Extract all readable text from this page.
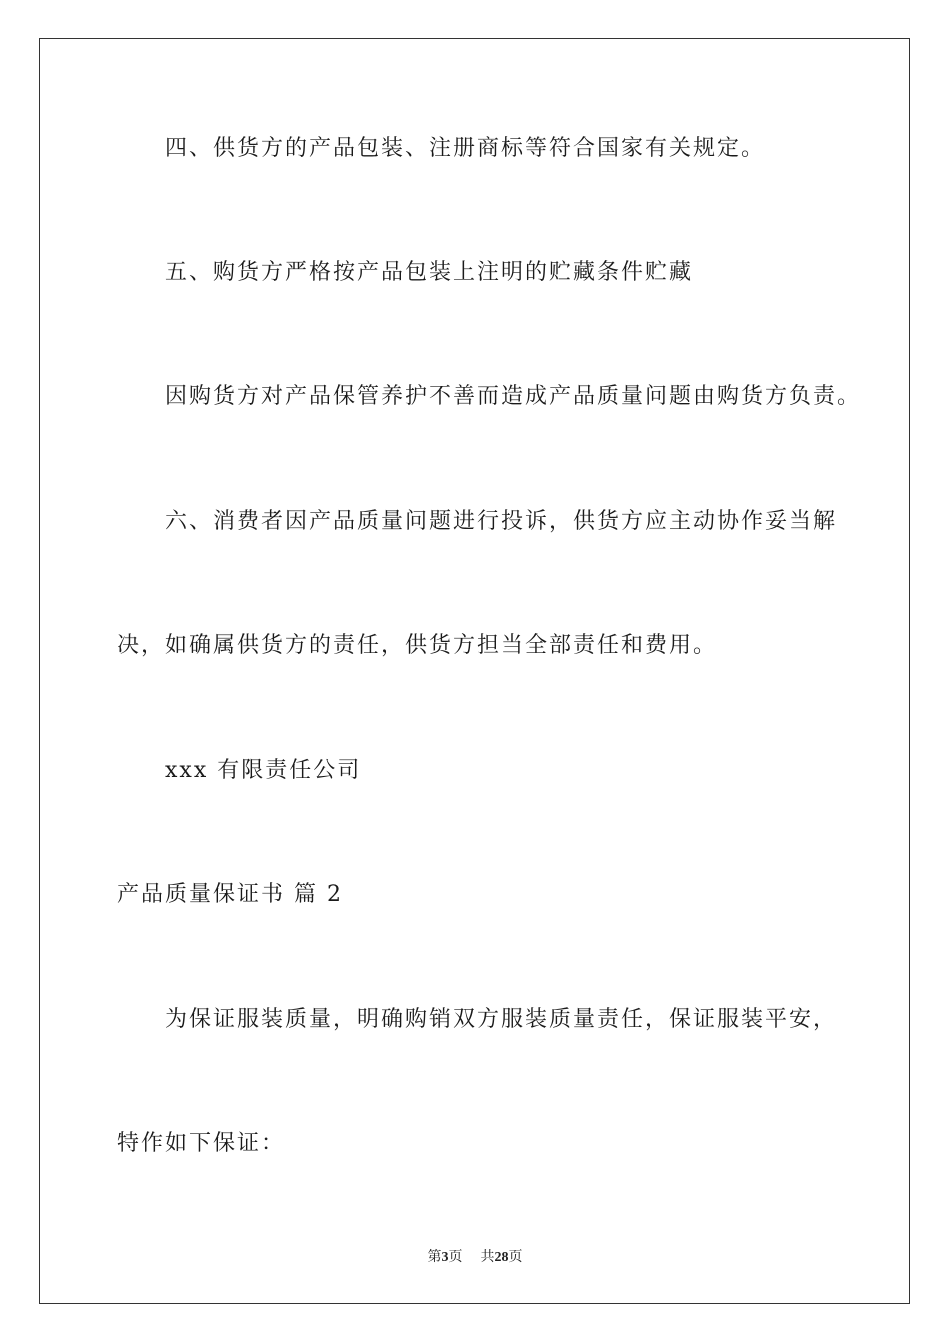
四、供货方的产品包装、注册商标等符合国家有关规定。
五、购货方严格按产品包装上注明的贮藏条件贮藏
因购货方对产品保管养护不善而造成产品质量问题由购货方负责。
六、消费者因产品质量问题进行投诉，供货方应主动协作妥当解
决，如确属供货方的责任，供货方担当全部责任和费用。
xxx 有限责任公司
产品质量保证书 篇 2
为保证服装质量，明确购销双方服装质量责任，保证服装平安，
特作如下保证：
第3页 共28页
